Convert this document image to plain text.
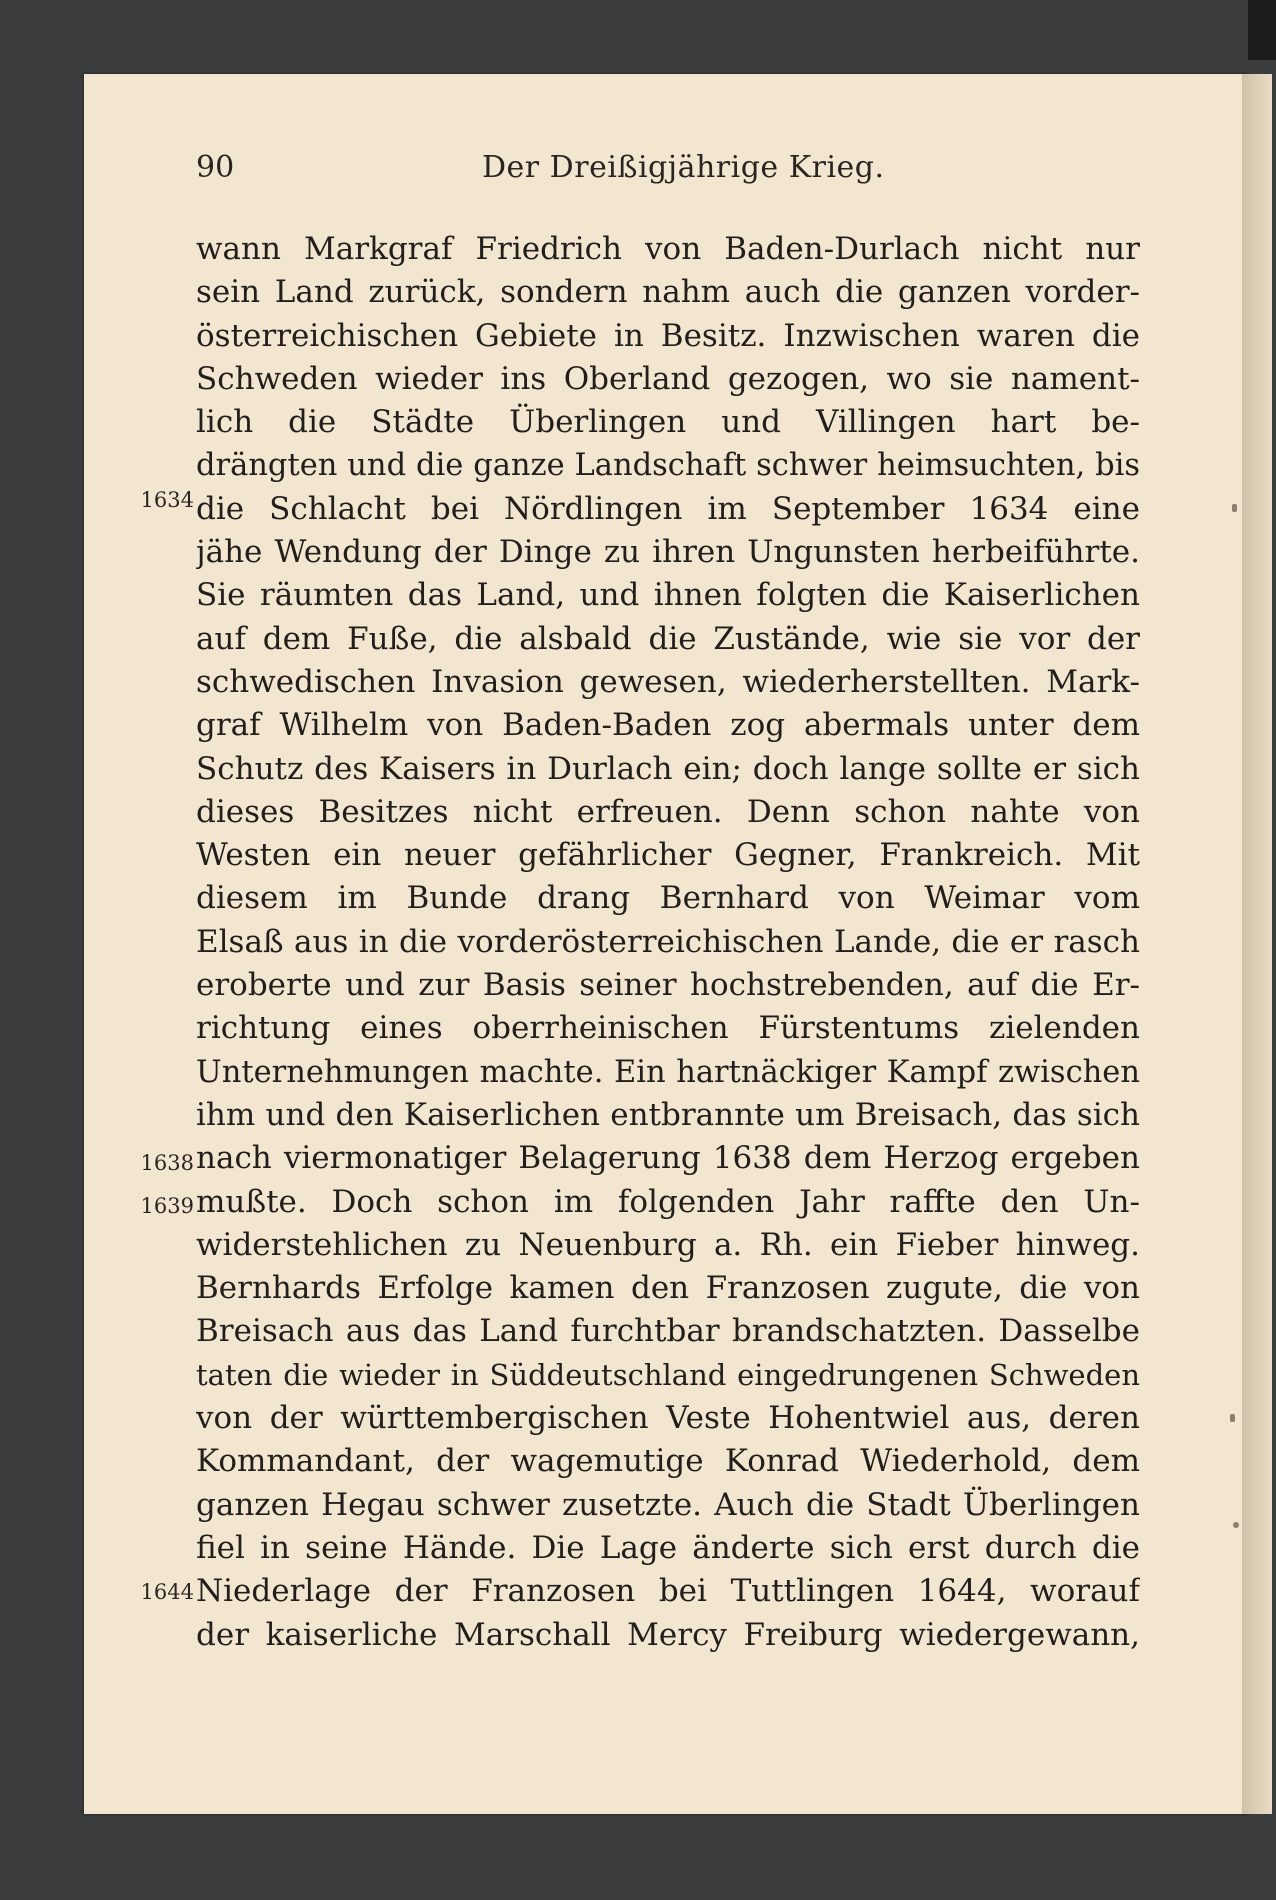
90	Der Dreißigjährige Krieg.
1634
1638
1639
1644
wann Markgraf Friedrich von Baden-Durlach nicht nur
sein Land zurück, sondern nahm auch die ganzen vorder-
österreichischen Gebiete in Besitz. Inzwischen waren die
Schweden wieder ins Oberland gezogen, wo sie nament-
lich die Städte Überlingen und Villingen hart be-
drängten und die ganze Landschaft schwer heimsuchten, bis
die Schlacht bei Nördlingen im September 1634 eine
jähe Wendung der Dinge zu ihren Ungunsten herbeiführte.
Sie räumten das Land, und ihnen folgten die Kaiserlichen
auf dem Fuße, die alsbald die Zustände, wie sie vor der
schwedischen Invasion gewesen, wiederherstellten. Mark-
graf Wilhelm von Baden-Baden zog abermals unter dem
Schutz des Kaisers in Durlach ein; doch lange sollte er sich
dieses Besitzes nicht erfreuen. Denn schon nahte von
Westen ein neuer gefährlicher Gegner, Frankreich. Mit
diesem im Bunde drang Bernhard von Weimar vom
Elsaß aus in die vorderösterreichischen Lande, die er rasch
eroberte und zur Basis seiner hochstrebenden, auf die Er-
richtung eines oberrheinischen Fürstentums zielenden
Unternehmungen machte. Ein hartnäckiger Kampf zwischen
ihm und den Kaiserlichen entbrannte um Breisach, das sich
nach viermonatiger Belagerung 1638 dem Herzog ergeben
mußte. Doch schon im folgenden Jahr raffte den Un-
widerstehlichen zu Neuenburg a. Rh. ein Fieber hinweg.
Bernhards Erfolge kamen den Franzosen zugute, die von
Breisach aus das Land furchtbar brandschatzten. Dasselbe
taten die wieder in Süddeutschland eingedrungenen Schweden
von der württembergischen Veste Hohentwiel aus, deren
Kommandant, der wagemutige Konrad Wiederhold, dem
ganzen Hegau schwer zusetzte. Auch die Stadt Überlingen
fiel in seine Hände. Die Lage änderte sich erst durch die
Niederlage der Franzosen bei Tuttlingen 1644, worauf
der kaiserliche Marschall Mercy Freiburg wiedergewann,
